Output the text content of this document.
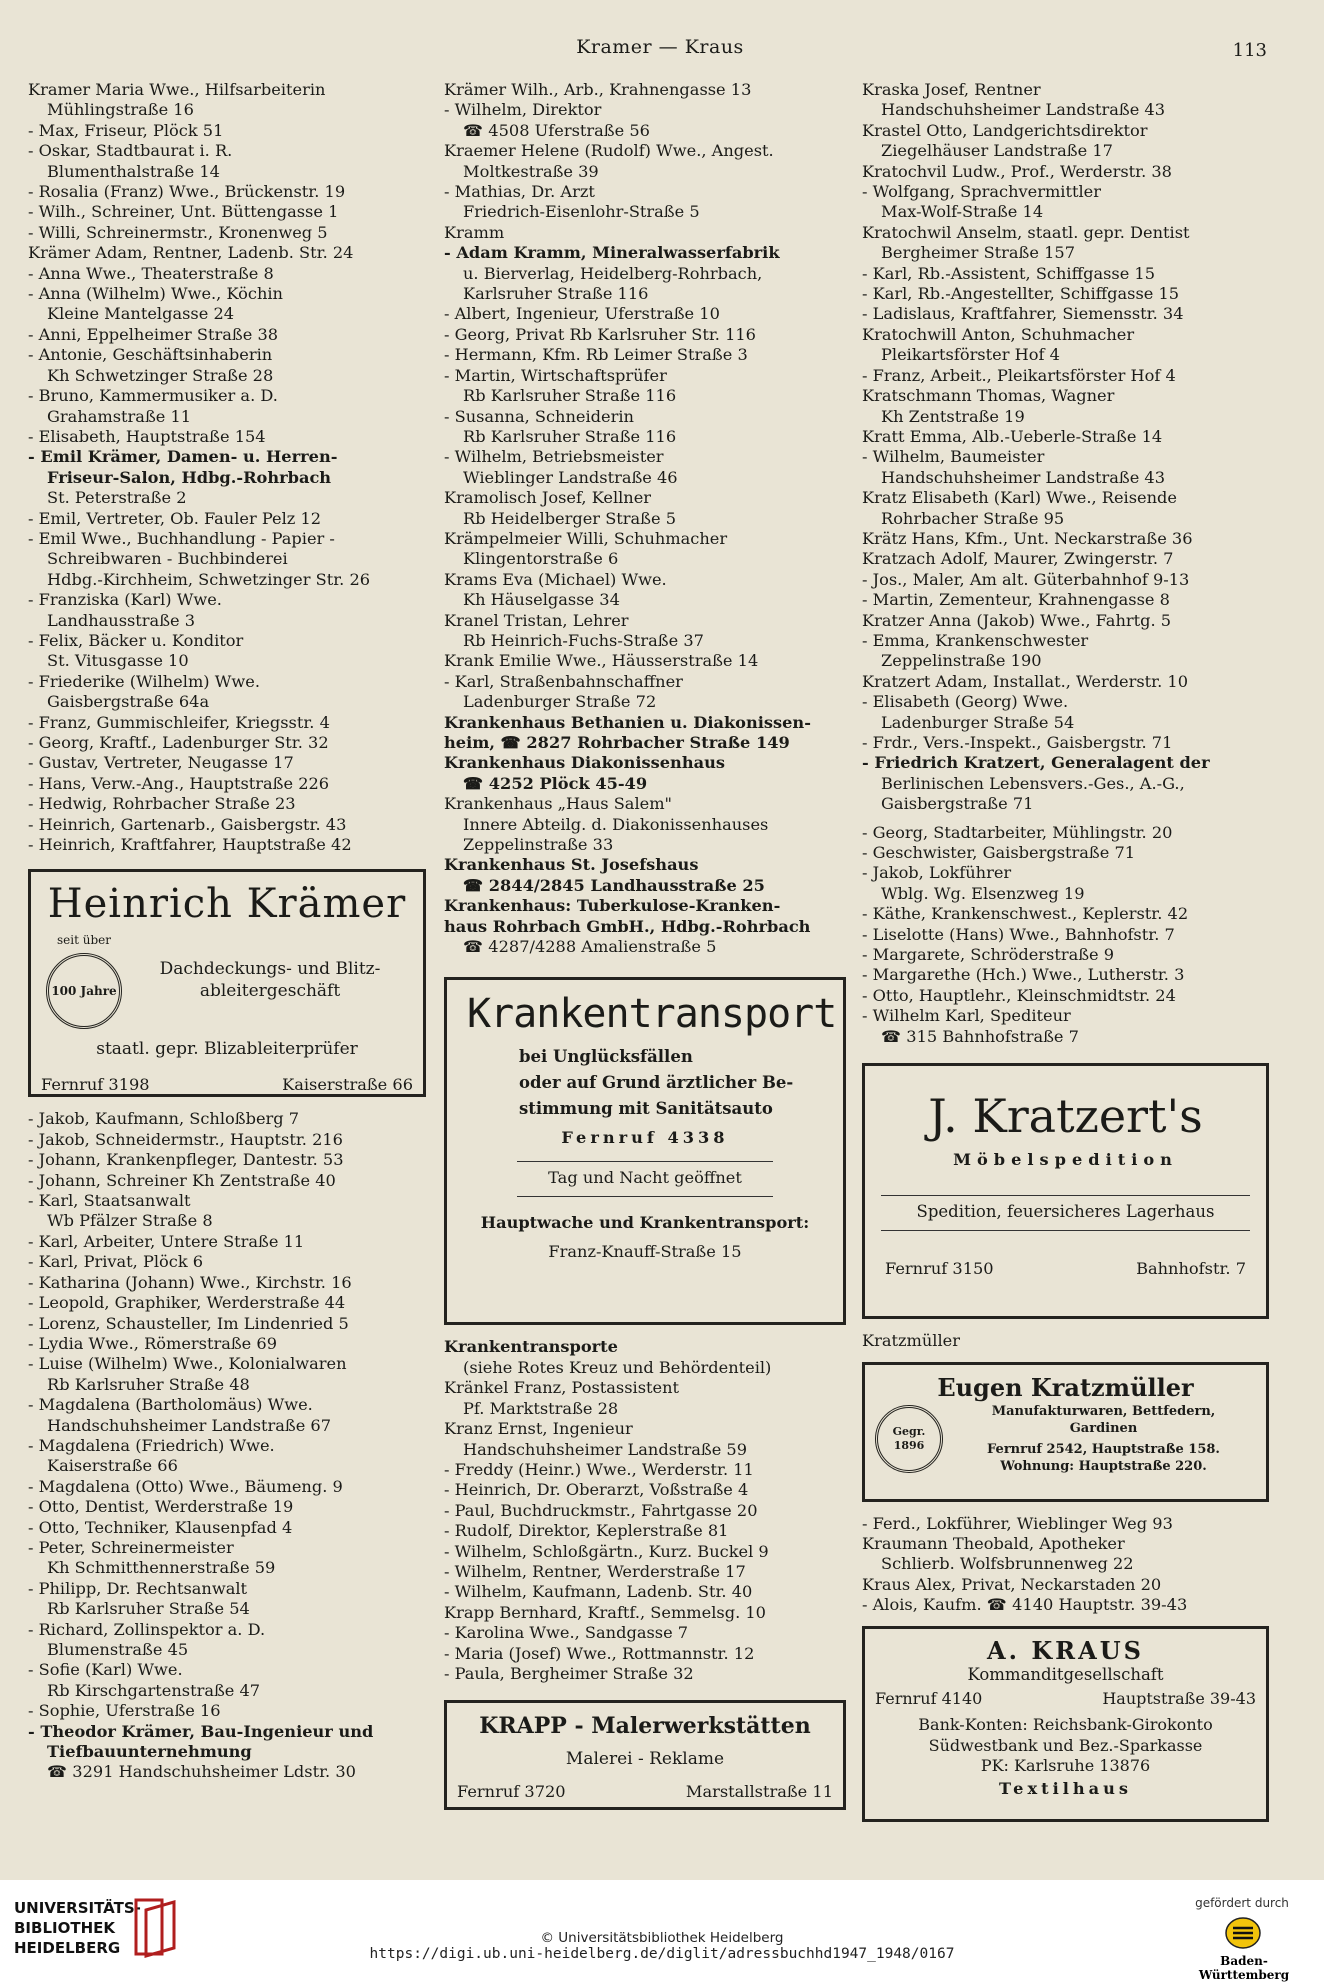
Kramer — Kraus	113
Kramer Maria Wwe., Hilfsarbeiterin
Mühlingstraße 16
- Max, Friseur, Plöck 51
- Oskar, Stadtbaurat i. R.
Blumenthalstraße 14
- Rosalia (Franz) Wwe., Brückenstr. 19
- Wilh., Schreiner, Unt. Büttengasse 1
- Willi, Schreinermstr., Kronenweg 5
Krämer Adam, Rentner, Ladenb. Str. 24
- Anna Wwe., Theaterstraße 8
- Anna (Wilhelm) Wwe., Köchin
Kleine Mantelgasse 24
- Anni, Eppelheimer Straße 38
- Antonie, Geschäftsinhaberin
Kh Schwetzinger Straße 28
- Bruno, Kammermusiker a. D.
Grahamstraße 11
- Elisabeth, Hauptstraße 154
- Emil Krämer, Damen- u. Herren-
Friseur-Salon, Hdbg.-Rohrbach
St. Peterstraße 2
- Emil, Vertreter, Ob. Fauler Pelz 12
- Emil Wwe., Buchhandlung - Papier -
Schreibwaren - Buchbinderei
Hdbg.-Kirchheim, Schwetzinger Str. 26
- Franziska (Karl) Wwe.
Landhausstraße 3
- Felix, Bäcker u. Konditor
St. Vitusgasse 10
- Friederike (Wilhelm) Wwe.
Gaisbergstraße 64a
- Franz, Gummischleifer, Kriegsstr. 4
- Georg, Kraftf., Ladenburger Str. 32
- Gustav, Vertreter, Neugasse 17
- Hans, Verw.-Ang., Hauptstraße 226
- Hedwig, Rohrbacher Straße 23
- Heinrich, Gartenarb., Gaisbergstr. 43
- Heinrich, Kraftfahrer, Hauptstraße 42
Heinrich Krämer
seit über
100 Jahre
Dachdeckungs- und Blitz-
ableitergeschäft
staatl. gepr. Blizableiterprüfer
Fernruf 3198	Kaiserstraße 66
- Jakob, Kaufmann, Schloßberg 7
- Jakob, Schneidermstr., Hauptstr. 216
- Johann, Krankenpfleger, Dantestr. 53
- Johann, Schreiner Kh Zentstraße 40
- Karl, Staatsanwalt
Wb Pfälzer Straße 8
- Karl, Arbeiter, Untere Straße 11
- Karl, Privat, Plöck 6
- Katharina (Johann) Wwe., Kirchstr. 16
- Leopold, Graphiker, Werderstraße 44
- Lorenz, Schausteller, Im Lindenried 5
- Lydia Wwe., Römerstraße 69
- Luise (Wilhelm) Wwe., Kolonialwaren
Rb Karlsruher Straße 48
- Magdalena (Bartholomäus) Wwe.
Handschuhsheimer Landstraße 67
- Magdalena (Friedrich) Wwe.
Kaiserstraße 66
- Magdalena (Otto) Wwe., Bäumeng. 9
- Otto, Dentist, Werderstraße 19
- Otto, Techniker, Klausenpfad 4
- Peter, Schreinermeister
Kh Schmitthennerstraße 59
- Philipp, Dr. Rechtsanwalt
Rb Karlsruher Straße 54
- Richard, Zollinspektor a. D.
Blumenstraße 45
- Sofie (Karl) Wwe.
Rb Kirschgartenstraße 47
- Sophie, Uferstraße 16
- Theodor Krämer, Bau-Ingenieur und
Tiefbauunternehmung
☎ 3291 Handschuhsheimer Ldstr. 30
Krämer Wilh., Arb., Krahnengasse 13
- Wilhelm, Direktor
☎ 4508 Uferstraße 56
Kraemer Helene (Rudolf) Wwe., Angest.
Moltkestraße 39
- Mathias, Dr. Arzt
Friedrich-Eisenlohr-Straße 5
Kramm
- Adam Kramm, Mineralwasserfabrik
u. Bierverlag, Heidelberg-Rohrbach,
Karlsruher Straße 116
- Albert, Ingenieur, Uferstraße 10
- Georg, Privat Rb Karlsruher Str. 116
- Hermann, Kfm. Rb Leimer Straße 3
- Martin, Wirtschaftsprüfer
Rb Karlsruher Straße 116
- Susanna, Schneiderin
Rb Karlsruher Straße 116
- Wilhelm, Betriebsmeister
Wieblinger Landstraße 46
Kramolisch Josef, Kellner
Rb Heidelberger Straße 5
Krämpelmeier Willi, Schuhmacher
Klingentorstraße 6
Krams Eva (Michael) Wwe.
Kh Häuselgasse 34
Kranel Tristan, Lehrer
Rb Heinrich-Fuchs-Straße 37
Krank Emilie Wwe., Häusserstraße 14
- Karl, Straßenbahnschaffner
Ladenburger Straße 72
Krankenhaus Bethanien u. Diakonissen-
heim, ☎ 2827 Rohrbacher Straße 149
Krankenhaus Diakonissenhaus
☎ 4252 Plöck 45-49
Krankenhaus „Haus Salem"
Innere Abteilg. d. Diakonissenhauses
Zeppelinstraße 33
Krankenhaus St. Josefshaus
☎ 2844/2845 Landhausstraße 25
Krankenhaus: Tuberkulose-Kranken-
haus Rohrbach GmbH., Hdbg.-Rohrbach
☎ 4287/4288 Amalienstraße 5
Krankentransport
bei Unglücksfällen
oder auf Grund ärztlicher Be-
stimmung mit Sanitätsauto
Fernruf 4338
Tag und Nacht geöffnet
Hauptwache und Krankentransport:
Franz-Knauff-Straße 15
Krankentransporte
(siehe Rotes Kreuz und Behördenteil)
Kränkel Franz, Postassistent
Pf. Marktstraße 28
Kranz Ernst, Ingenieur
Handschuhsheimer Landstraße 59
- Freddy (Heinr.) Wwe., Werderstr. 11
- Heinrich, Dr. Oberarzt, Voßstraße 4
- Paul, Buchdruckmstr., Fahrtgasse 20
- Rudolf, Direktor, Keplerstraße 81
- Wilhelm, Schloßgärtn., Kurz. Buckel 9
- Wilhelm, Rentner, Werderstraße 17
- Wilhelm, Kaufmann, Ladenb. Str. 40
Krapp Bernhard, Kraftf., Semmelsg. 10
- Karolina Wwe., Sandgasse 7
- Maria (Josef) Wwe., Rottmannstr. 12
- Paula, Bergheimer Straße 32
KRAPP - Malerwerkstätten
Malerei - Reklame
Fernruf 3720	Marstallstraße 11
Kraska Josef, Rentner
Handschuhsheimer Landstraße 43
Krastel Otto, Landgerichtsdirektor
Ziegelhäuser Landstraße 17
Kratochvil Ludw., Prof., Werderstr. 38
- Wolfgang, Sprachvermittler
Max-Wolf-Straße 14
Kratochwil Anselm, staatl. gepr. Dentist
Bergheimer Straße 157
- Karl, Rb.-Assistent, Schiffgasse 15
- Karl, Rb.-Angestellter, Schiffgasse 15
- Ladislaus, Kraftfahrer, Siemensstr. 34
Kratochwill Anton, Schuhmacher
Pleikartsförster Hof 4
- Franz, Arbeit., Pleikartsförster Hof 4
Kratschmann Thomas, Wagner
Kh Zentstraße 19
Kratt Emma, Alb.-Ueberle-Straße 14
- Wilhelm, Baumeister
Handschuhsheimer Landstraße 43
Kratz Elisabeth (Karl) Wwe., Reisende
Rohrbacher Straße 95
Krätz Hans, Kfm., Unt. Neckarstraße 36
Kratzach Adolf, Maurer, Zwingerstr. 7
- Jos., Maler, Am alt. Güterbahnhof 9-13
- Martin, Zementeur, Krahnengasse 8
Kratzer Anna (Jakob) Wwe., Fahrtg. 5
- Emma, Krankenschwester
Zeppelinstraße 190
Kratzert Adam, Installat., Werderstr. 10
- Elisabeth (Georg) Wwe.
Ladenburger Straße 54
- Frdr., Vers.-Inspekt., Gaisbergstr. 71
- Friedrich Kratzert, Generalagent der
Berlinischen Lebensvers.-Ges., A.-G.,
Gaisbergstraße 71
- Georg, Stadtarbeiter, Mühlingstr. 20
- Geschwister, Gaisbergstraße 71
- Jakob, Lokführer
Wblg. Wg. Elsenzweg 19
- Käthe, Krankenschwest., Keplerstr. 42
- Liselotte (Hans) Wwe., Bahnhofstr. 7
- Margarete, Schröderstraße 9
- Margarethe (Hch.) Wwe., Lutherstr. 3
- Otto, Hauptlehr., Kleinschmidtstr. 24
- Wilhelm Karl, Spediteur
☎ 315 Bahnhofstraße 7
J. Kratzert's
Möbelspedition
Spedition, feuersicheres Lagerhaus
Fernruf 3150	Bahnhofstr. 7
Kratzmüller
Eugen Kratzmüller
Gegr. 1896
Manufakturwaren, Bettfedern,
Gardinen
Fernruf 2542, Hauptstraße 158.
Wohnung: Hauptstraße 220.
- Ferd., Lokführer, Wieblinger Weg 93
Kraumann Theobald, Apotheker
Schlierb. Wolfsbrunnenweg 22
Kraus Alex, Privat, Neckarstaden 20
- Alois, Kaufm. ☎ 4140 Hauptstr. 39-43
A. KRAUS
Kommanditgesellschaft
Fernruf 4140	Hauptstraße 39-43
Bank-Konten: Reichsbank-Girokonto
Südwestbank und Bez.-Sparkasse
PK: Karlsruhe 13876
Textilhaus
UNIVERSITÄTS-
BIBLIOTHEK
HEIDELBERG
© Universitätsbibliothek Heidelberg
https://digi.ub.uni-heidelberg.de/diglit/adressbuchhd1947_1948/0167
gefördert durch
Baden-Württemberg
